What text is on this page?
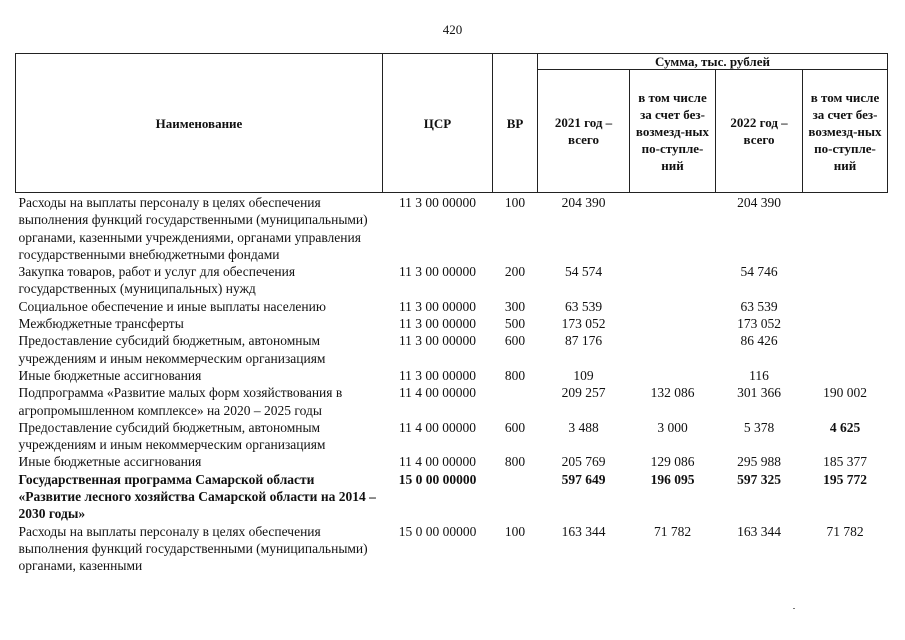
420
Наименование	ЦСР	ВР	Сумма, тыс. рублей			
			2021 год – всего	в том числе за счет без-возмезд-ных по-ступле-ний	2022 год – всего	в том числе за счет без-возмезд-ных по-ступле-ний

Расходы на выплаты персоналу в целях обеспечения выполнения функций государственными (муниципальными) органами, казенными учреждениями, органами управления государственными внебюджетными фондами	11 3 00 00000	100	204 390		204 390	
Закупка товаров, работ и услуг для обеспечения государственных (муниципальных) нужд	11 3 00 00000	200	54 574		54 746	
Социальное обеспечение и иные выплаты населению	11 3 00 00000	300	63 539		63 539	
Межбюджетные трансферты	11 3 00 00000	500	173 052		173 052	
Предоставление субсидий бюджетным, автономным учреждениям и иным некоммерческим организациям	11 3 00 00000	600	87 176		86 426	
Иные бюджетные ассигнования	11 3 00 00000	800	109		116	
Подпрограмма «Развитие малых форм хозяйствования в агропромышленном комплексе» на 2020 – 2025 годы	11 4 00 00000		209 257	132 086	301 366	190 002
Предоставление субсидий бюджетным, автономным учреждениям и иным некоммерческим организациям	11 4 00 00000	600	3 488	3 000	5 378	4 625
Иные бюджетные ассигнования	11 4 00 00000	800	205 769	129 086	295 988	185 377
Государственная программа Самарской области «Развитие лесного хозяйства Самарской области на 2014 – 2030 годы»	15 0 00 00000		597 649	196 095	597 325	195 772
Расходы на выплаты персоналу в целях обеспечения выполнения функций государственными (муниципальными) органами, казенными	15 0 00 00000	100	163 344	71 782	163 344	71 782
